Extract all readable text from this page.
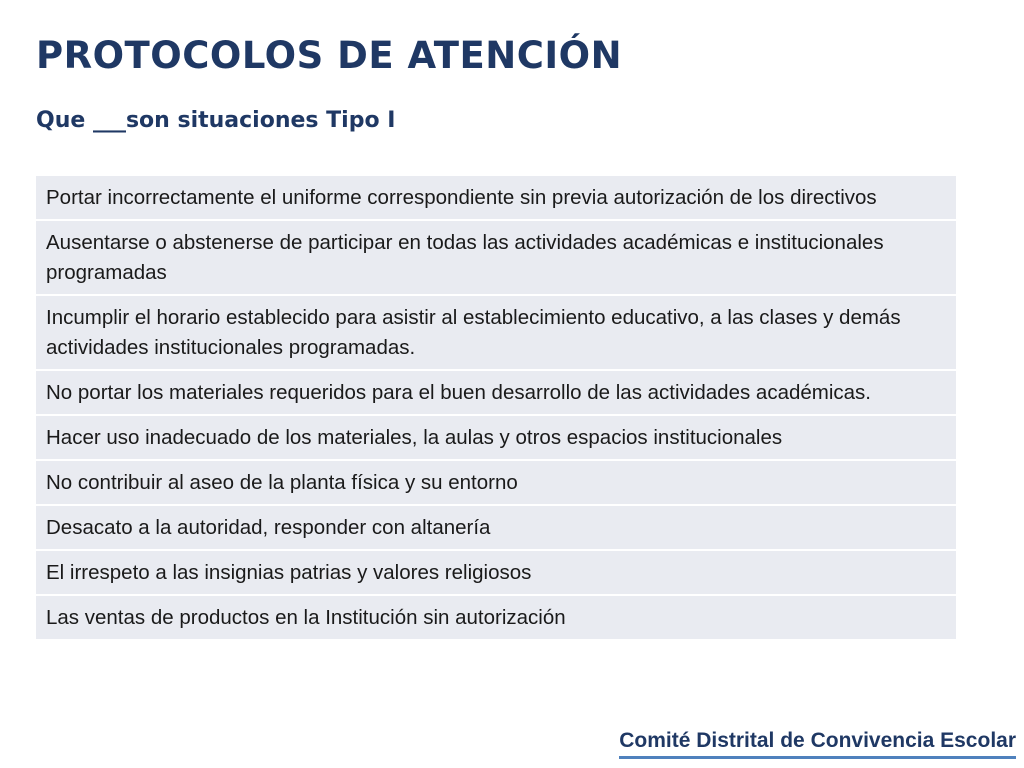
PROTOCOLOS DE ATENCIÓN
Que ___son situaciones Tipo I
Portar incorrectamente el uniforme correspondiente sin previa autorización de los directivos
Ausentarse o abstenerse de participar en todas las actividades académicas e institucionales programadas
Incumplir el horario establecido para asistir al establecimiento educativo, a las clases y demás actividades institucionales programadas.
No portar los materiales requeridos para el buen desarrollo de las actividades académicas.
Hacer uso inadecuado de los materiales, la aulas y otros espacios institucionales
No contribuir al aseo de la planta física y su entorno
Desacato a la autoridad, responder con altanería
El irrespeto a las insignias patrias y valores religiosos
Las ventas de productos en la Institución sin autorización
Comité Distrital de Convivencia Escolar
